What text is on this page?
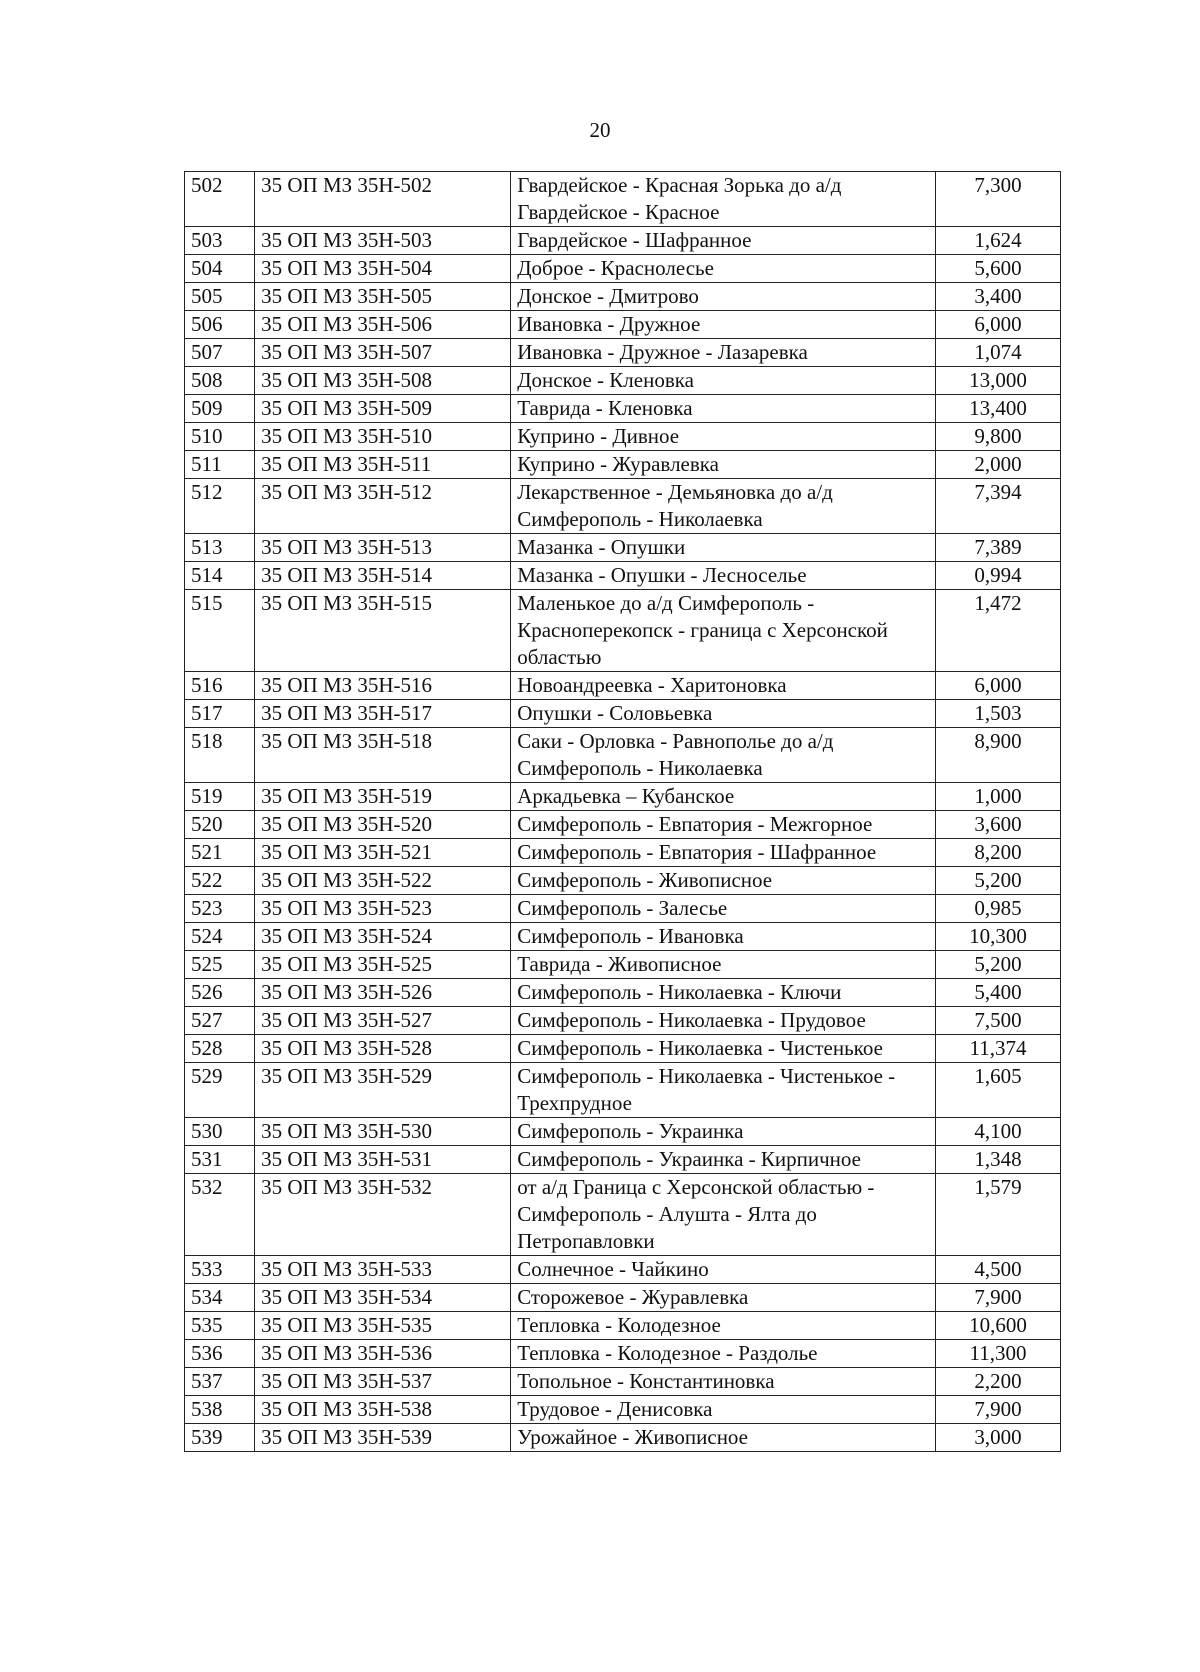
20
502	35 ОП МЗ 35Н-502	Гвардейское - Красная Зорька до а/д Гвардейское - Красное	7,300
503	35 ОП МЗ 35Н-503	Гвардейское - Шафранное	1,624
504	35 ОП МЗ 35Н-504	Доброе - Краснолесье	5,600
505	35 ОП МЗ 35Н-505	Донское - Дмитрово	3,400
506	35 ОП МЗ 35Н-506	Ивановка - Дружное	6,000
507	35 ОП МЗ 35Н-507	Ивановка - Дружное - Лазаревка	1,074
508	35 ОП МЗ 35Н-508	Донское - Кленовка	13,000
509	35 ОП МЗ 35Н-509	Таврида - Кленовка	13,400
510	35 ОП МЗ 35Н-510	Куприно - Дивное	9,800
511	35 ОП МЗ 35Н-511	Куприно - Журавлевка	2,000
512	35 ОП МЗ 35Н-512	Лекарственное - Демьяновка до а/д Симферополь - Николаевка	7,394
513	35 ОП МЗ 35Н-513	Мазанка - Опушки	7,389
514	35 ОП МЗ 35Н-514	Мазанка - Опушки - Лесноселье	0,994
515	35 ОП МЗ 35Н-515	Маленькое до а/д Симферополь - Красноперекопск - граница с Херсонской областью	1,472
516	35 ОП МЗ 35Н-516	Новоандреевка - Харитоновка	6,000
517	35 ОП МЗ 35Н-517	Опушки - Соловьевка	1,503
518	35 ОП МЗ 35Н-518	Саки - Орловка - Равнополье до а/д Симферополь - Николаевка	8,900
519	35 ОП МЗ 35Н-519	Аркадьевка – Кубанское	1,000
520	35 ОП МЗ 35Н-520	Симферополь - Евпатория - Межгорное	3,600
521	35 ОП МЗ 35Н-521	Симферополь - Евпатория - Шафранное	8,200
522	35 ОП МЗ 35Н-522	Симферополь - Живописное	5,200
523	35 ОП МЗ 35Н-523	Симферополь - Залесье	0,985
524	35 ОП МЗ 35Н-524	Симферополь - Ивановка	10,300
525	35 ОП МЗ 35Н-525	Таврида - Живописное	5,200
526	35 ОП МЗ 35Н-526	Симферополь - Николаевка - Ключи	5,400
527	35 ОП МЗ 35Н-527	Симферополь - Николаевка - Прудовое	7,500
528	35 ОП МЗ 35Н-528	Симферополь - Николаевка - Чистенькое	11,374
529	35 ОП МЗ 35Н-529	Симферополь - Николаевка - Чистенькое - Трехпрудное	1,605
530	35 ОП МЗ 35Н-530	Симферополь - Украинка	4,100
531	35 ОП МЗ 35Н-531	Симферополь - Украинка - Кирпичное	1,348
532	35 ОП МЗ 35Н-532	от а/д Граница с Херсонской областью - Симферополь - Алушта - Ялта до Петропавловки	1,579
533	35 ОП МЗ 35Н-533	Солнечное - Чайкино	4,500
534	35 ОП МЗ 35Н-534	Сторожевое - Журавлевка	7,900
535	35 ОП МЗ 35Н-535	Тепловка - Колодезное	10,600
536	35 ОП МЗ 35Н-536	Тепловка - Колодезное - Раздолье	11,300
537	35 ОП МЗ 35Н-537	Топольное - Константиновка	2,200
538	35 ОП МЗ 35Н-538	Трудовое - Денисовка	7,900
539	35 ОП МЗ 35Н-539	Урожайное - Живописное	3,000
